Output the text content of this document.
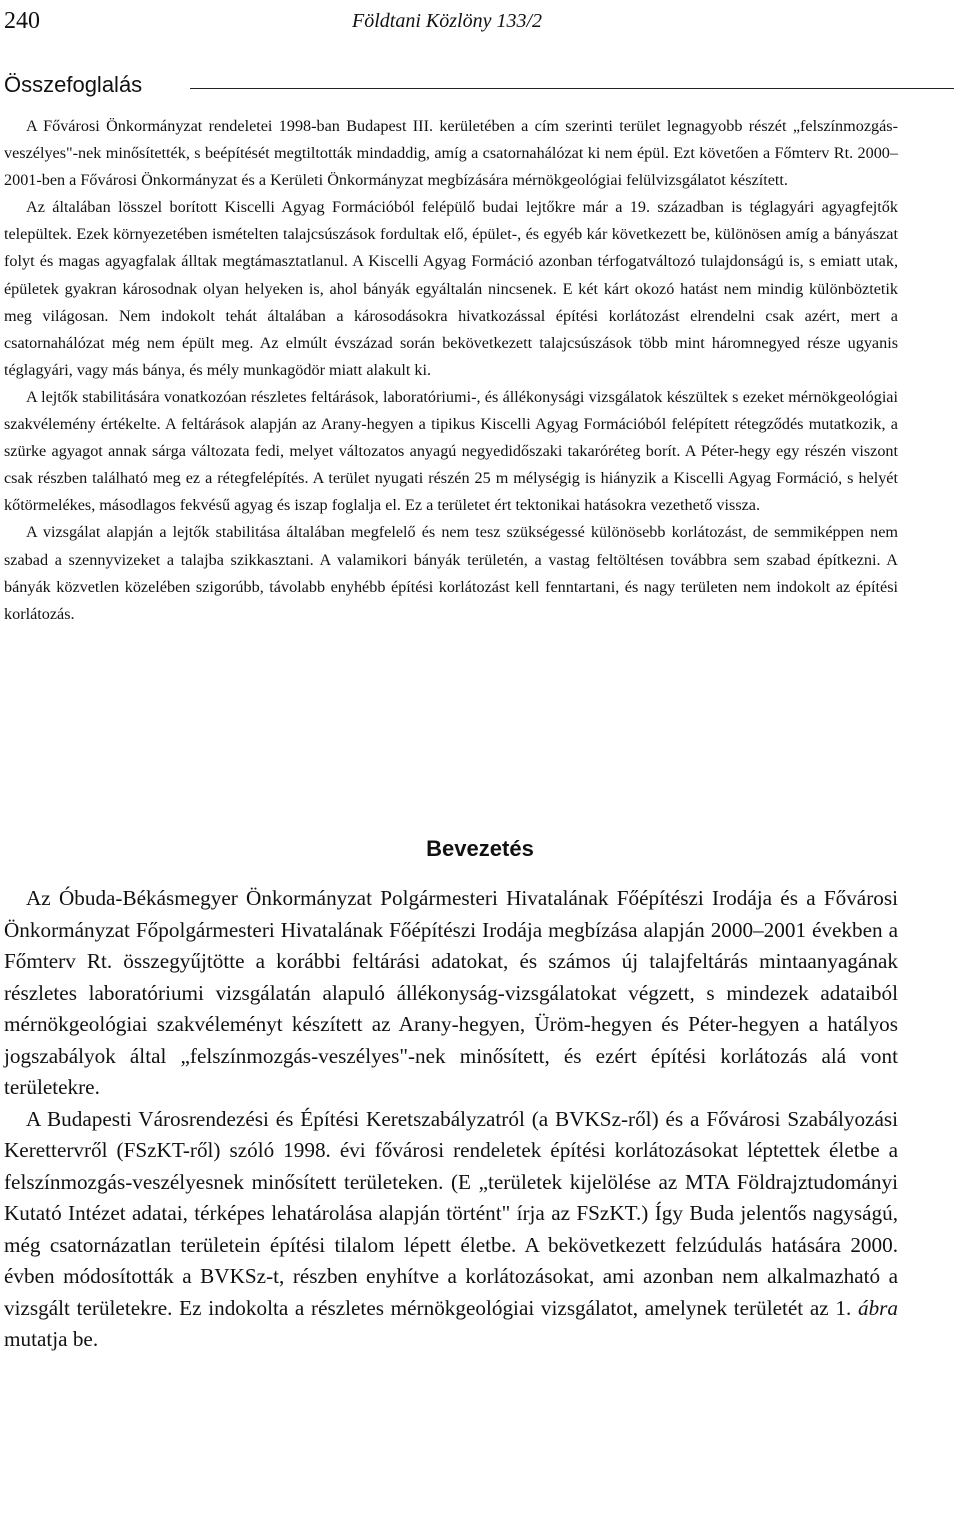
240	Földtani Közlöny 133/2
Összefoglalás

A Fővárosi Önkormányzat rendeletei 1998-ban Budapest III. kerületében a cím szerinti terület legnagyobb részét „felszínmozgás-veszélyes"-nek minősítették, s beépítését megtiltották mindaddig, amíg a csatornahálózat ki nem épül. Ezt követően a Főmterv Rt. 2000–2001-ben a Fővárosi Önkormányzat és a Kerületi Önkormányzat megbízására mérnökgeológiai felülvizsgálatot készített.

Az általában lösszel borított Kiscelli Agyag Formációból felépülő budai lejtőkre már a 19. században is téglagyári agyagfejtők települtek. Ezek környezetében ismételten talajcsúszások fordultak elő, épület-, és egyéb kár következett be, különösen amíg a bányászat folyt és magas agyagfalak álltak megtámasztatlanul. A Kiscelli Agyag Formáció azonban térfogatváltozó tulajdonságú is, s emiatt utak, épületek gyakran károsodnak olyan helyeken is, ahol bányák egyáltalán nincsenek. E két kárt okozó hatást nem mindig különböztetik meg világosan. Nem indokolt tehát általában a károsodásokra hivatkozással építési korlátozást elrendelni csak azért, mert a csatornahálózat még nem épült meg. Az elmúlt évszázad során bekövetkezett talajcsúszások több mint háromnegyed része ugyanis téglagyári, vagy más bánya, és mély munkagödör miatt alakult ki.

A lejtők stabilitására vonatkozóan részletes feltárások, laboratóriumi-, és állékonysági vizsgálatok készültek s ezeket mérnökgeológiai szakvélemény értékelte. A feltárások alapján az Arany-hegyen a tipikus Kiscelli Agyag Formációból felépített rétegződés mutatkozik, a szürke agyagot annak sárga változata fedi, melyet változatos anyagú negyedidőszaki takaróréteg borít. A Péter-hegy egy részén viszont csak részben található meg ez a rétegfelépítés. A terület nyugati részén 25 m mélységig is hiányzik a Kiscelli Agyag Formáció, s helyét kőtörmelékes, másodlagos fekvésű agyag és iszap foglalja el. Ez a területet ért tektonikai hatásokra vezethető vissza.

A vizsgálat alapján a lejtők stabilitása általában megfelelő és nem tesz szükségessé különösebb korlátozást, de semmiképpen nem szabad a szennyvizeket a talajba szikkasztani. A valamikori bányák területén, a vastag feltöltésen továbbra sem szabad építkezni. A bányák közvetlen közelében szigorúbb, távolabb enyhébb építési korlátozást kell fenntartani, és nagy területen nem indokolt az építési korlátozás.

Bevezetés

Az Óbuda-Békásmegyer Önkormányzat Polgármesteri Hivatalának Főépítészi Irodája és a Fővárosi Önkormányzat Főpolgármesteri Hivatalának Főépítészi Irodája megbízása alapján 2000–2001 években a Főmterv Rt. összegyűjtötte a korábbi feltárási adatokat, és számos új talajfeltárás mintaanyagának részletes laboratóriumi vizsgálatán alapuló állékonyság-vizsgálatokat végzett, s mindezek adataiból mérnökgeológiai szakvéleményt készített az Arany-hegyen, Üröm-hegyen és Péter-hegyen a hatályos jogszabályok által „felszínmozgás-veszélyes"-nek minősített, és ezért építési korlátozás alá vont területekre.

A Budapesti Városrendezési és Építési Keretszabályzatról (a BVKSz-ről) és a Fővárosi Szabályozási Kerettervről (FSzKT-ről) szóló 1998. évi fővárosi rendeletek építési korlátozásokat léptettek életbe a felszínmozgás-veszélyesnek minősített területeken. (E „területek kijelölése az MTA Földrajztudományi Kutató Intézet adatai, térképes lehatárolása alapján történt" írja az FSzKT.) Így Buda jelentős nagyságú, még csatornázatlan területein építési tilalom lépett életbe. A bekövetkezett felzúdulás hatására 2000. évben módosították a BVKSz-t, részben enyhítve a korlátozásokat, ami azonban nem alkalmazható a vizsgált területekre. Ez indokolta a részletes mérnökgeológiai vizsgálatot, amelynek területét az 1. ábra mutatja be.
